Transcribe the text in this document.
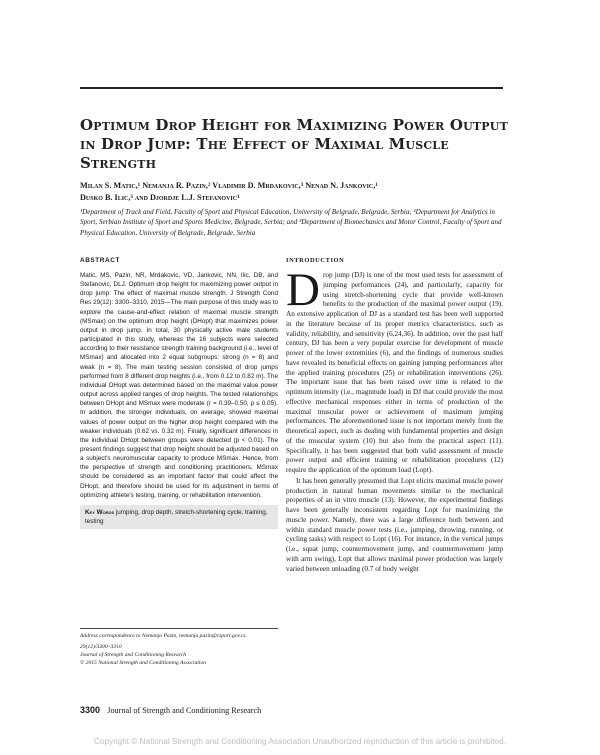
Optimum Drop Height for Maximizing Power Output in Drop Jump: The Effect of Maximal Muscle Strength
Milan S. Matic,¹ Nemanja R. Pazin,² Vladimir D. Mrdakovic,³ Nenad N. Jankovic,¹
Dusko B. Ilic,³ and Djordje L.J. Stefanovic¹
¹Department of Track and Field, Faculty of Sport and Physical Education, University of Belgrade, Belgrade, Serbia; ²Department for Analytics in Sport, Serbian Institute of Sport and Sports Medicine, Belgrade, Serbia; and ³Department of Biomechanics and Motor Control, Faculty of Sport and Physical Education, University of Belgrade, Belgrade, Serbia

ABSTRACT

Matic, MS, Pazin, NR, Mrdakovic, VD, Jankovic, NN, Ilic, DB, and Stefanovic, DLJ. Optimum drop height for maximizing power output in drop jump: The effect of maximal muscle strength. J Strength Cond Res 29(12): 3300–3310, 2015—The main purpose of this study was to explore the cause-and-effect relation of maximal muscle strength (MSmax) on the optimum drop height (DHopt) that maximizes power output in drop jump. In total, 30 physically active male students participated in this study, whereas the 16 subjects were selected according to their resistance strength training background (i.e., level of MSmax) and allocated into 2 equal subgroups: strong (n = 8) and weak (n = 8). The main testing session consisted of drop jumps performed from 8 different drop heights (i.e., from 0.12 to 0.82 m). The individual DHopt was determined based on the maximal value power output across applied ranges of drop heights. The tested relationships between DHopt and MSmax were moderate (r = 0.39–0.50, p ≤ 0.05). In addition, the stronger individuals, on average, showed maximal values of power output on the higher drop height compared with the weaker individuals (0.62 vs. 0.32 m). Finally, significant differences in the individual DHopt between groups were detected (p < 0.01). The present findings suggest that drop height should be adjusted based on a subject's neuromuscular capacity to produce MSmax. Hence, from the perspective of strength and conditioning practitioners, MSmax should be considered as an important factor that could affect the DHopt, and therefore should be used for its adjustment in terms of optimizing athlete's testing, training, or rehabilitation intervention.

Key Words jumping, drop depth, stretch-shortening cycle, training, testing

Address correspondence to Nemanja Pazin, nemanja.pazin@rsport.gov.rs.

29(12)/3300–3310
Journal of Strength and Conditioning Research
© 2015 National Strength and Conditioning Association

INTRODUCTION

Drop jump (DJ) is one of the most used tests for assessment of jumping performances (24), and particularly, capacity for using stretch-shortening cycle that provide well-known benefits to the production of the maximal power output (19). An extensive application of DJ as a standard test has been well supported in the literature because of its proper metrics characteristics, such as validity, reliability, and sensitivity (6,24,36). In addition, over the past half century, DJ has been a very popular exercise for development of muscle power of the lower extremities (6), and the findings of numerous studies have revealed its beneficial effects on gaining jumping performances after the applied training procedures (25) or rehabilitation interventions (26). The important issue that has been raised over time is related to the optimum intensity (i.e., magnitude load) in DJ that could provide the most effective mechanical responses either in terms of production of the maximal muscular power or achievement of maximum jumping performances. The aforementioned issue is not important merely from the theoretical aspect, such as dealing with fundamental properties and design of the muscular system (10) but also from the practical aspect (11). Specifically, it has been suggested that both valid assessment of muscle power output and efficient training or rehabilitation procedures (12) require the application of the optimum load (Lopt).

It has been generally presumed that Lopt elicits maximal muscle power production in natural human movements similar to the mechanical properties of an in vitro muscle (13). However, the experimental findings have been generally inconsistent regarding Lopt for maximizing the muscle power. Namely, there was a large difference both between and within standard muscle power tests (i.e., jumping, throwing, running, or cycling tasks) with respect to Lopt (16). For instance, in the vertical jumps (i.e., squat jump, countermovement jump, and countermovement jump with arm swing), Lopt that allows maximal power production was largely varied between unloading (0.7 of body weight

3300 Journal of Strength and Conditioning Research
Copyright © National Strength and Conditioning Association Unauthorized reproduction of this article is prohibited.
